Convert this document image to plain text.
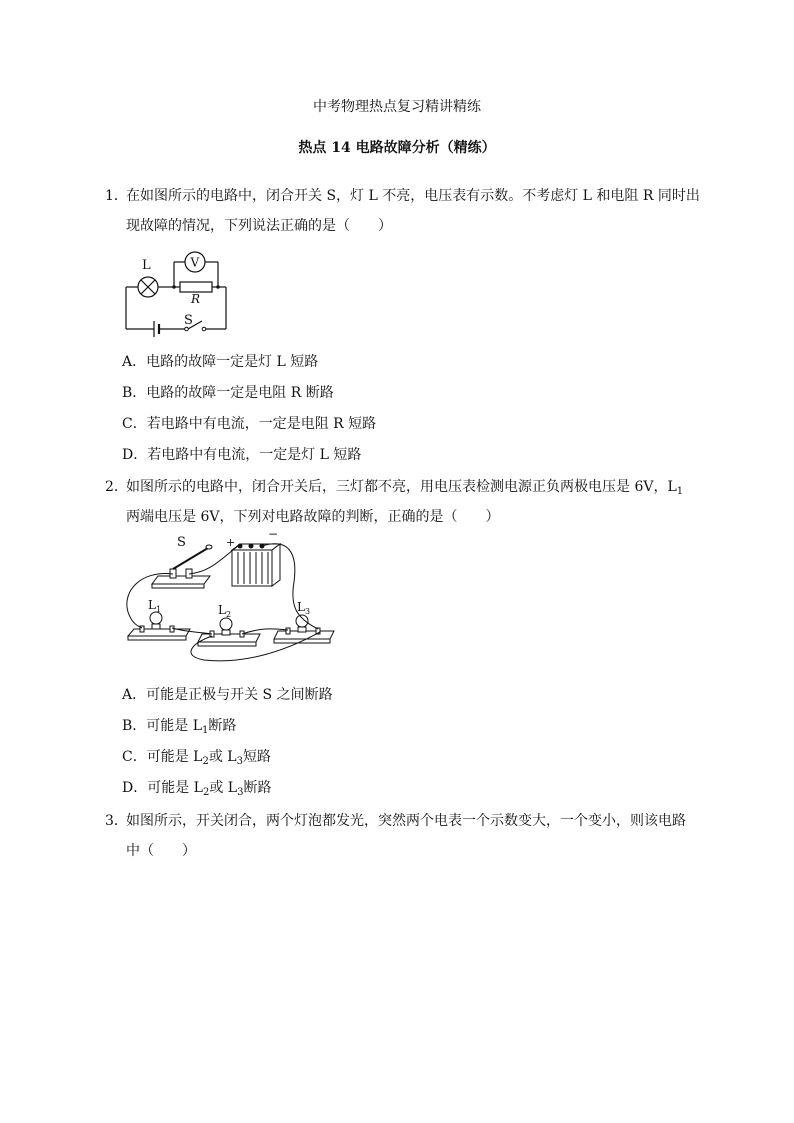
中考物理热点复习精讲精练
热点 14 电路故障分析（精练）
1．
在如图所示的电路中，闭合开关 S，灯 L 不亮，电压表有示数。不考虑灯 L 和电阻 R 同时出
现故障的情况，下列说法正确的是（　　）
L	V
R
S
A．电路的故障一定是灯 L 短路
B．电路的故障一定是电阻 R 断路
C．若电路中有电流，一定是电阻 R 短路
D．若电路中有电流，一定是灯 L 短路
2．
如图所示的电路中，闭合开关后，三灯都不亮，用电压表检测电源正负两极电压是 6V，$L_1$
两端电压是 6V，下列对电路故障的判断，正确的是（　　）
S	+
−
$L_1$	$L_2$
$L_3$
A．可能是正极与开关 S 之间断路
B．可能是 $L_1$断路
C．可能是 $L_2$或 $L_3$短路
D．可能是 $L_2$或 $L_3$断路
3．
如图所示，开关闭合，两个灯泡都发光，突然两个电表一个示数变大，一个变小，则该电路
中（　　）
